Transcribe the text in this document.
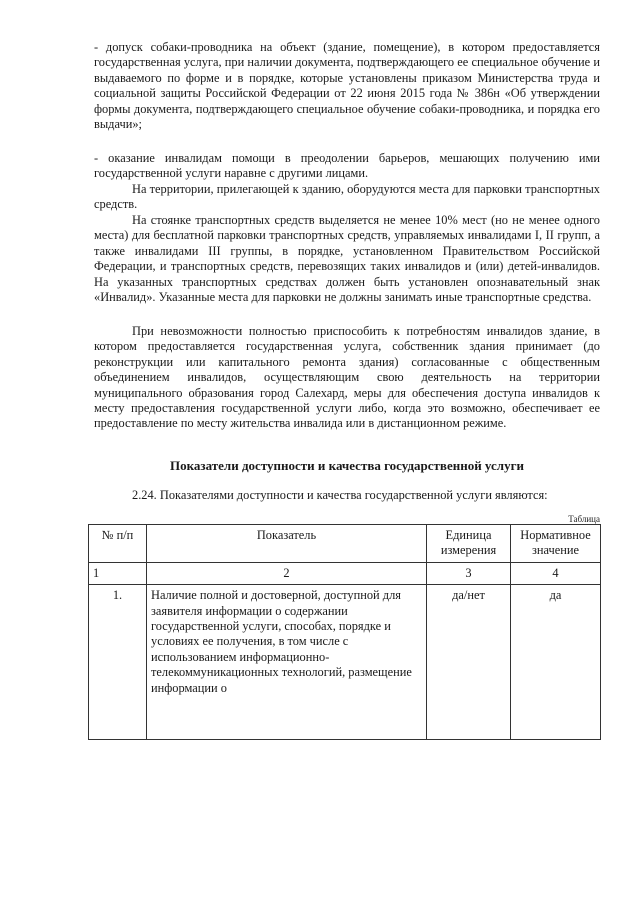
- допуск собаки-проводника на объект (здание, помещение), в котором предоставляется государственная услуга, при наличии документа, подтверждающего ее специальное обучение и выдаваемого по форме и в порядке, которые установлены приказом Министерства труда и социальной защиты Российской Федерации от 22 июня 2015 года № 386н «Об утверждении формы документа, подтверждающего специальное обучение собаки-проводника, и порядка его выдачи»;

- оказание инвалидам помощи в преодолении барьеров, мешающих получению ими государственной услуги наравне с другими лицами.

На территории, прилегающей к зданию, оборудуются места для парковки транспортных средств.

На стоянке транспортных средств выделяется не менее 10% мест (но не менее одного места) для бесплатной парковки транспортных средств, управляемых инвалидами I, II групп, а также инвалидами III группы, в порядке, установленном Правительством Российской Федерации, и транспортных средств, перевозящих таких инвалидов и (или) детей-инвалидов. На указанных транспортных средствах должен быть установлен опознавательный знак «Инвалид». Указанные места для парковки не должны занимать иные транспортные средства.

При невозможности полностью приспособить к потребностям инвалидов здание, в котором предоставляется государственная услуга, собственник здания принимает (до реконструкции или капитального ремонта здания) согласованные с общественным объединением инвалидов, осуществляющим свою деятельность на территории муниципального образования город Салехард, меры для обеспечения доступа инвалидов к месту предоставления государственной услуги либо, когда это возможно, обеспечивает ее предоставление по месту жительства инвалида или в дистанционном режиме.

Показатели доступности и качества государственной услуги

2.24. Показателями доступности и качества государственной услуги являются:

Таблица
№ п/п	Показатель	Единица измерения	Нормативное значение
1	2	3	4
1.	Наличие полной и достоверной, доступной для заявителя информации о содержании государственной услуги, способах, порядке и условиях ее получения, в том числе с использованием информационно-телекоммуникационных технологий, размещение информации о	да/нет	да
